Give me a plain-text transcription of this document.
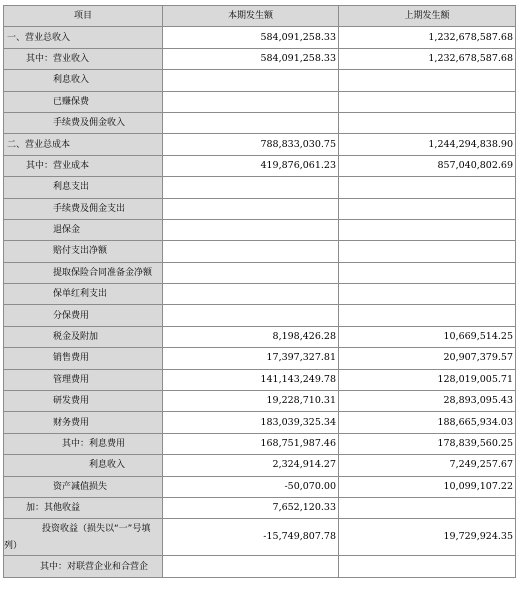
项目	本期发生额	上期发生额
一、营业总收入	584,091,258.33	1,232,678,587.68
其中：营业收入	584,091,258.33	1,232,678,587.68
利息收入		
已赚保费		
手续费及佣金收入		
二、营业总成本	788,833,030.75	1,244,294,838.90
其中：营业成本	419,876,061.23	857,040,802.69
利息支出		
手续费及佣金支出		
退保金		
赔付支出净额		
提取保险合同准备金净额		
保单红利支出		
分保费用		
税金及附加	8,198,426.28	10,669,514.25
销售费用	17,397,327.81	20,907,379.57
管理费用	141,143,249.78	128,019,005.71
研发费用	19,228,710.31	28,893,095.43
财务费用	183,039,325.34	188,665,934.03
其中：利息费用	168,751,987.46	178,839,560.25
利息收入	2,324,914.27	7,249,257.67
资产减值损失	-50,070.00	10,099,107.22
加：其他收益	7,652,120.33	
投资收益（损失以“一”号填列）	-15,749,807.78	19,729,924.35
其中：对联营企业和合营企		
